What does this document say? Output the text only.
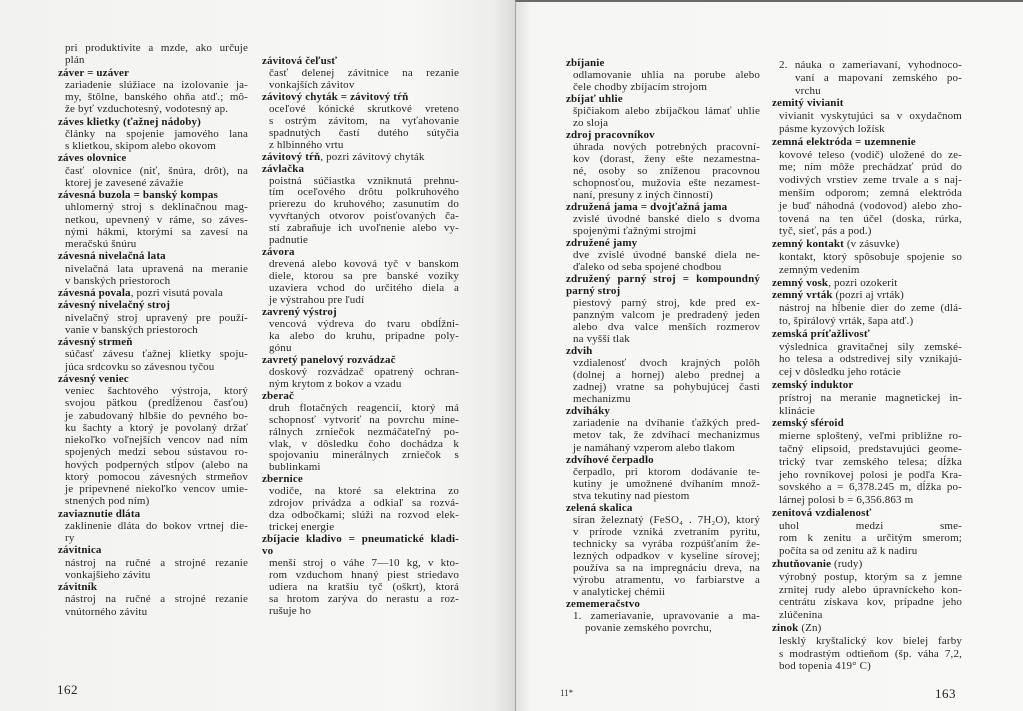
162
pri produktívite a mzde, ako určuje
plán
záver = uzáver
zariadenie slúžiace na izolovanie ja-
my, štôlne, banského ohňa atď.; mô-
že byť vzduchotesný, vodotesný ap.
záves klietky (ťažnej nádoby)
články na spojenie jamového lana
s klietkou, skipom alebo okovom
záves olovnice
časť olovnice (niť, šnúra, drôt), na
ktorej je zavesené závažie
závesná buzola = banský kompas
uhlomerný stroj s deklinačnou mag-
netkou, upevnený v ráme, so záves-
nými hákmi, ktorými sa zavesí na
meračskú šnúru
závesná nivelačná lata
nivelačná lata upravená na meranie
v banských priestoroch
závesná povala, pozri visutá povala
závesný nivelačný stroj
nivelačný stroj upravený pre použí-
vanie v banských priestoroch
závesný strmeň
súčasť závesu ťažnej klietky spoju-
júca srdcovku so závesnou tyčou
závesný veniec
veniec šachtového výstroja, ktorý
svojou pätkou (predĺženou časťou)
je zabudovaný hlbšie do pevného bo-
ku šachty a ktorý je povolaný držať
niekoľko voľnejších vencov nad ním
spojených medzi sebou sústavou ro-
hových podperných stĺpov (alebo na
ktorý pomocou závesných strmeňov
je pripevnené niekoľko vencov umie-
stnených pod ním)
zaviaznutie dláta
zaklinenie dláta do bokov vrtnej die-
ry
závitnica
nástroj na ručné a strojné rezanie
vonkajšieho závitu
závitník
nástroj na ručné a strojné rezanie
vnútorného závitu
závitová čeľusť
časť delenej závitnice na rezanie
vonkajších závitov
závitový chyták = závitový tŕň
oceľové kónické skrutkové vreteno
s ostrým závitom, na vyťahovanie
spadnutých častí dutého sútyčia
z hlbinného vrtu
závitový tŕň, pozri závitový chyták
závlačka
poistná súčiastka vzniknutá prehnu-
tím oceľového drôtu polkruhového
prierezu do kruhového; zasunutím do
vyvŕtaných otvorov poisťovaných ča-
stí zabraňuje ich uvoľnenie alebo vy-
padnutie
závora
drevená alebo kovová tyč v banskom
diele, ktorou sa pre banské vozíky
uzaviera vchod do určitého diela a
je výstrahou pre ľudí
zavrený výstroj
vencová výdreva do tvaru obdĺžni-
ka alebo do kruhu, prípadne poly-
gónu
zavretý panelový rozvádzač
doskový rozvádzač opatrený ochran-
ným krytom z bokov a vzadu
zberač
druh flotačných reagencií, ktorý má
schopnosť vytvoriť na povrchu mine-
rálnych zrniečok nezmáčateľný po-
vlak, v dôsledku čoho dochádza k
spojovaniu minerálnych zrniečok s
bublinkami
zbernice
vodiče, na ktoré sa elektrina zo
zdrojov privádza a odkiaľ sa rozvá-
dza odbočkami; slúži na rozvod elek-
trickej energie
zbíjacie kladivo = pneumatické kladi-
vo
menší stroj o váhe 7—10 kg, v kto-
rom vzduchom hnaný piest striedavo
udiera na kratšiu tyč (oškrt), ktorá
sa hrotom zarýva do nerastu a roz-
rušuje ho
11*	163
zbíjanie
odlamovanie uhlia na porube alebo
čele chodby zbíjacím strojom
zbíjať uhlie
špičiakom alebo zbíjačkou lámať uhlie
zo sloja
zdroj pracovníkov
úhrada nových potrebných pracovní-
kov (dorast, ženy ešte nezamestna-
né, osoby so zníženou pracovnou
schopnosťou, mužovia ešte nezamest-
naní, presuny z iných činností)
združená jama = dvojťažná jama
zvislé úvodné banské dielo s dvoma
spojenými ťažnými strojmi
združené jamy
dve zvislé úvodné banské diela ne-
ďaleko od seba spojené chodbou
združený parný stroj = kompoundný
parný stroj
piestový parný stroj, kde pred ex-
panzným valcom je predradený jeden
alebo dva valce menších rozmerov
na vyšší tlak
zdvih
vzdialenosť dvoch krajných polôh
(dolnej a hornej) alebo prednej a
zadnej) vratne sa pohybujúcej časti
mechanizmu
zdviháky
zariadenie na dvíhanie ťažkých pred-
metov tak, že zdvíhací mechanizmus
je namáhaný vzperom alebo tlakom
zdvíhové čerpadlo
čerpadlo, pri ktorom dodávanie te-
kutiny je umožnené dvíhaním množ-
stva tekutiny nad piestom
zelená skalica
síran železnatý (FeSO₄ . 7H₂O), ktorý
v prírode vzniká zvetraním pyritu,
technicky sa vyrába rozpúšťaním že-
lezných odpadkov v kyseline sírovej;
používa sa na impregnáciu dreva, na
výrobu atramentu, vo farbiarstve a
v analytickej chémii
zememeračstvo
1. zameriavanie, upravovanie a ma-
povanie zemského povrchu,
2. náuka o zameriavaní, vyhodnoco-
vaní a mapovaní zemského po-
vrchu
zemitý vivianit
vivianit vyskytujúci sa v oxydačnom
pásme kyzových ložísk
zemná elektróda = uzemnenie
kovové teleso (vodič) uložené do ze-
me; ním môže prechádzať prúd do
vodivých vrstiev zeme trvale a s naj-
menším odporom; zemná elektróda
je buď náhodná (vodovod) alebo zho-
tovená na ten účel (doska, rúrka,
tyč, sieť, pás a pod.)
zemný kontakt (v zásuvke)
kontakt, ktorý spôsobuje spojenie so
zemným vedením
zemný vosk, pozri ozokerit
zemný vrták (pozri aj vrták)
nástroj na hĺbenie dier do zeme (dlá-
to, špirálový vrták, šapa atď.)
zemská príťažlivosť
výslednica gravitačnej sily zemské-
ho telesa a odstredivej sily vznikajú-
cej v dôsledku jeho rotácie
zemský induktor
prístroj na meranie magnetickej in-
klinácie
zemský sféroid
mierne sploštený, veľmi približne ro-
tačný elipsoid, predstavujúci geome-
trický tvar zemského telesa; dĺžka
jeho rovníkovej polosi je podľa Kra-
sovského a = 6,378.245 m, dĺžka po-
lárnej polosi b = 6,356.863 m
zenitová vzdialenosť
uhol medzi sme-
rom k zenitu a určitým smerom;
počíta sa od zenitu až k nadiru
zhutňovanie (rudy)
výrobný postup, ktorým sa z jemne
zrnitej rudy alebo úpravníckeho kon-
centrátu získava kov, prípadne jeho
zlúčenina
zinok (Zn)
lesklý kryštalický kov bielej farby
s modrastým odtieňom (šp. váha 7,2,
bod topenia 419° C)
